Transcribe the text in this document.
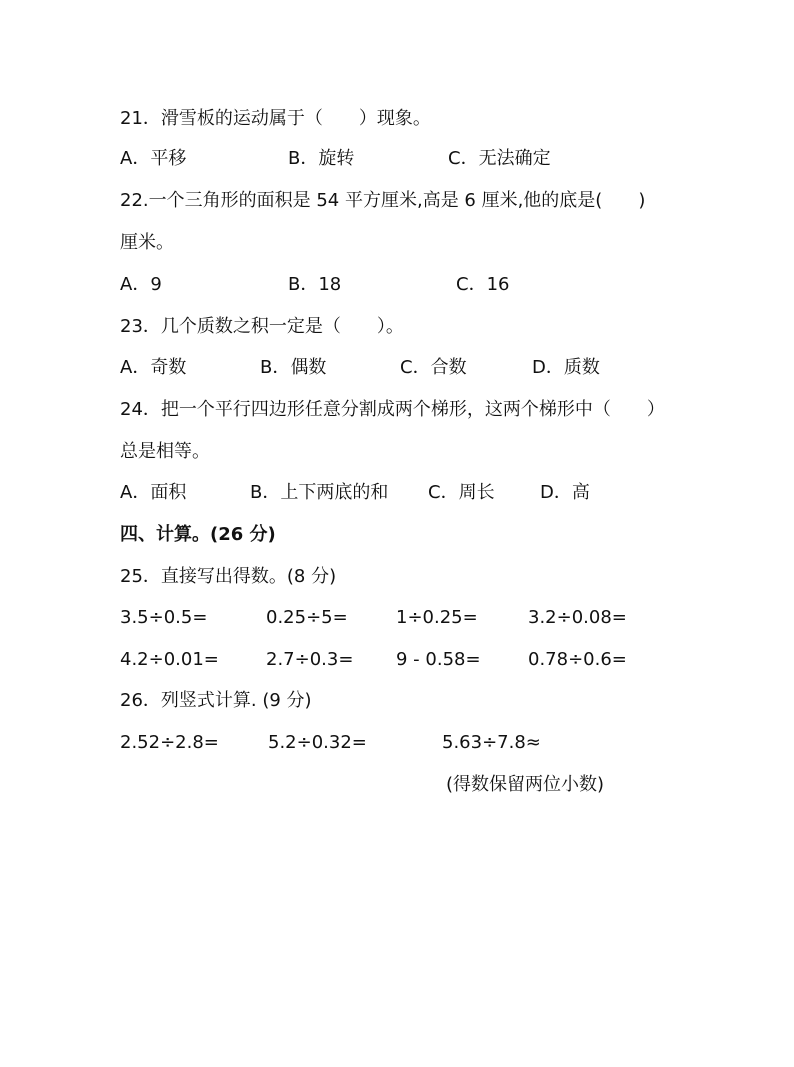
21．滑雪板的运动属于（　　）现象。
A．平移	B．旋转	C．无法确定
22.一个三角形的面积是 54 平方厘米,高是 6 厘米,他的底是(　　)
厘米。
A．9	B．18	C．16
23．几个质数之积一定是（　　）。
A．奇数	B．偶数	C．合数	D．质数
24．把一个平行四边形任意分割成两个梯形，这两个梯形中（　　）
总是相等。
A．面积	B．上下两底的和 C．周长	D．高
四、计算。(26 分)
25．直接写出得数。(8 分)
3.5÷0.5=	0.25÷5=	1÷0.25=	3.2÷0.08=
4.2÷0.01=	2.7÷0.3= 9 - 0.58=	0.78÷0.6=
26．列竖式计算. (9 分)
2.52÷2.8=	5.2÷0.32=	5.63÷7.8≈
(得数保留两位小数)
